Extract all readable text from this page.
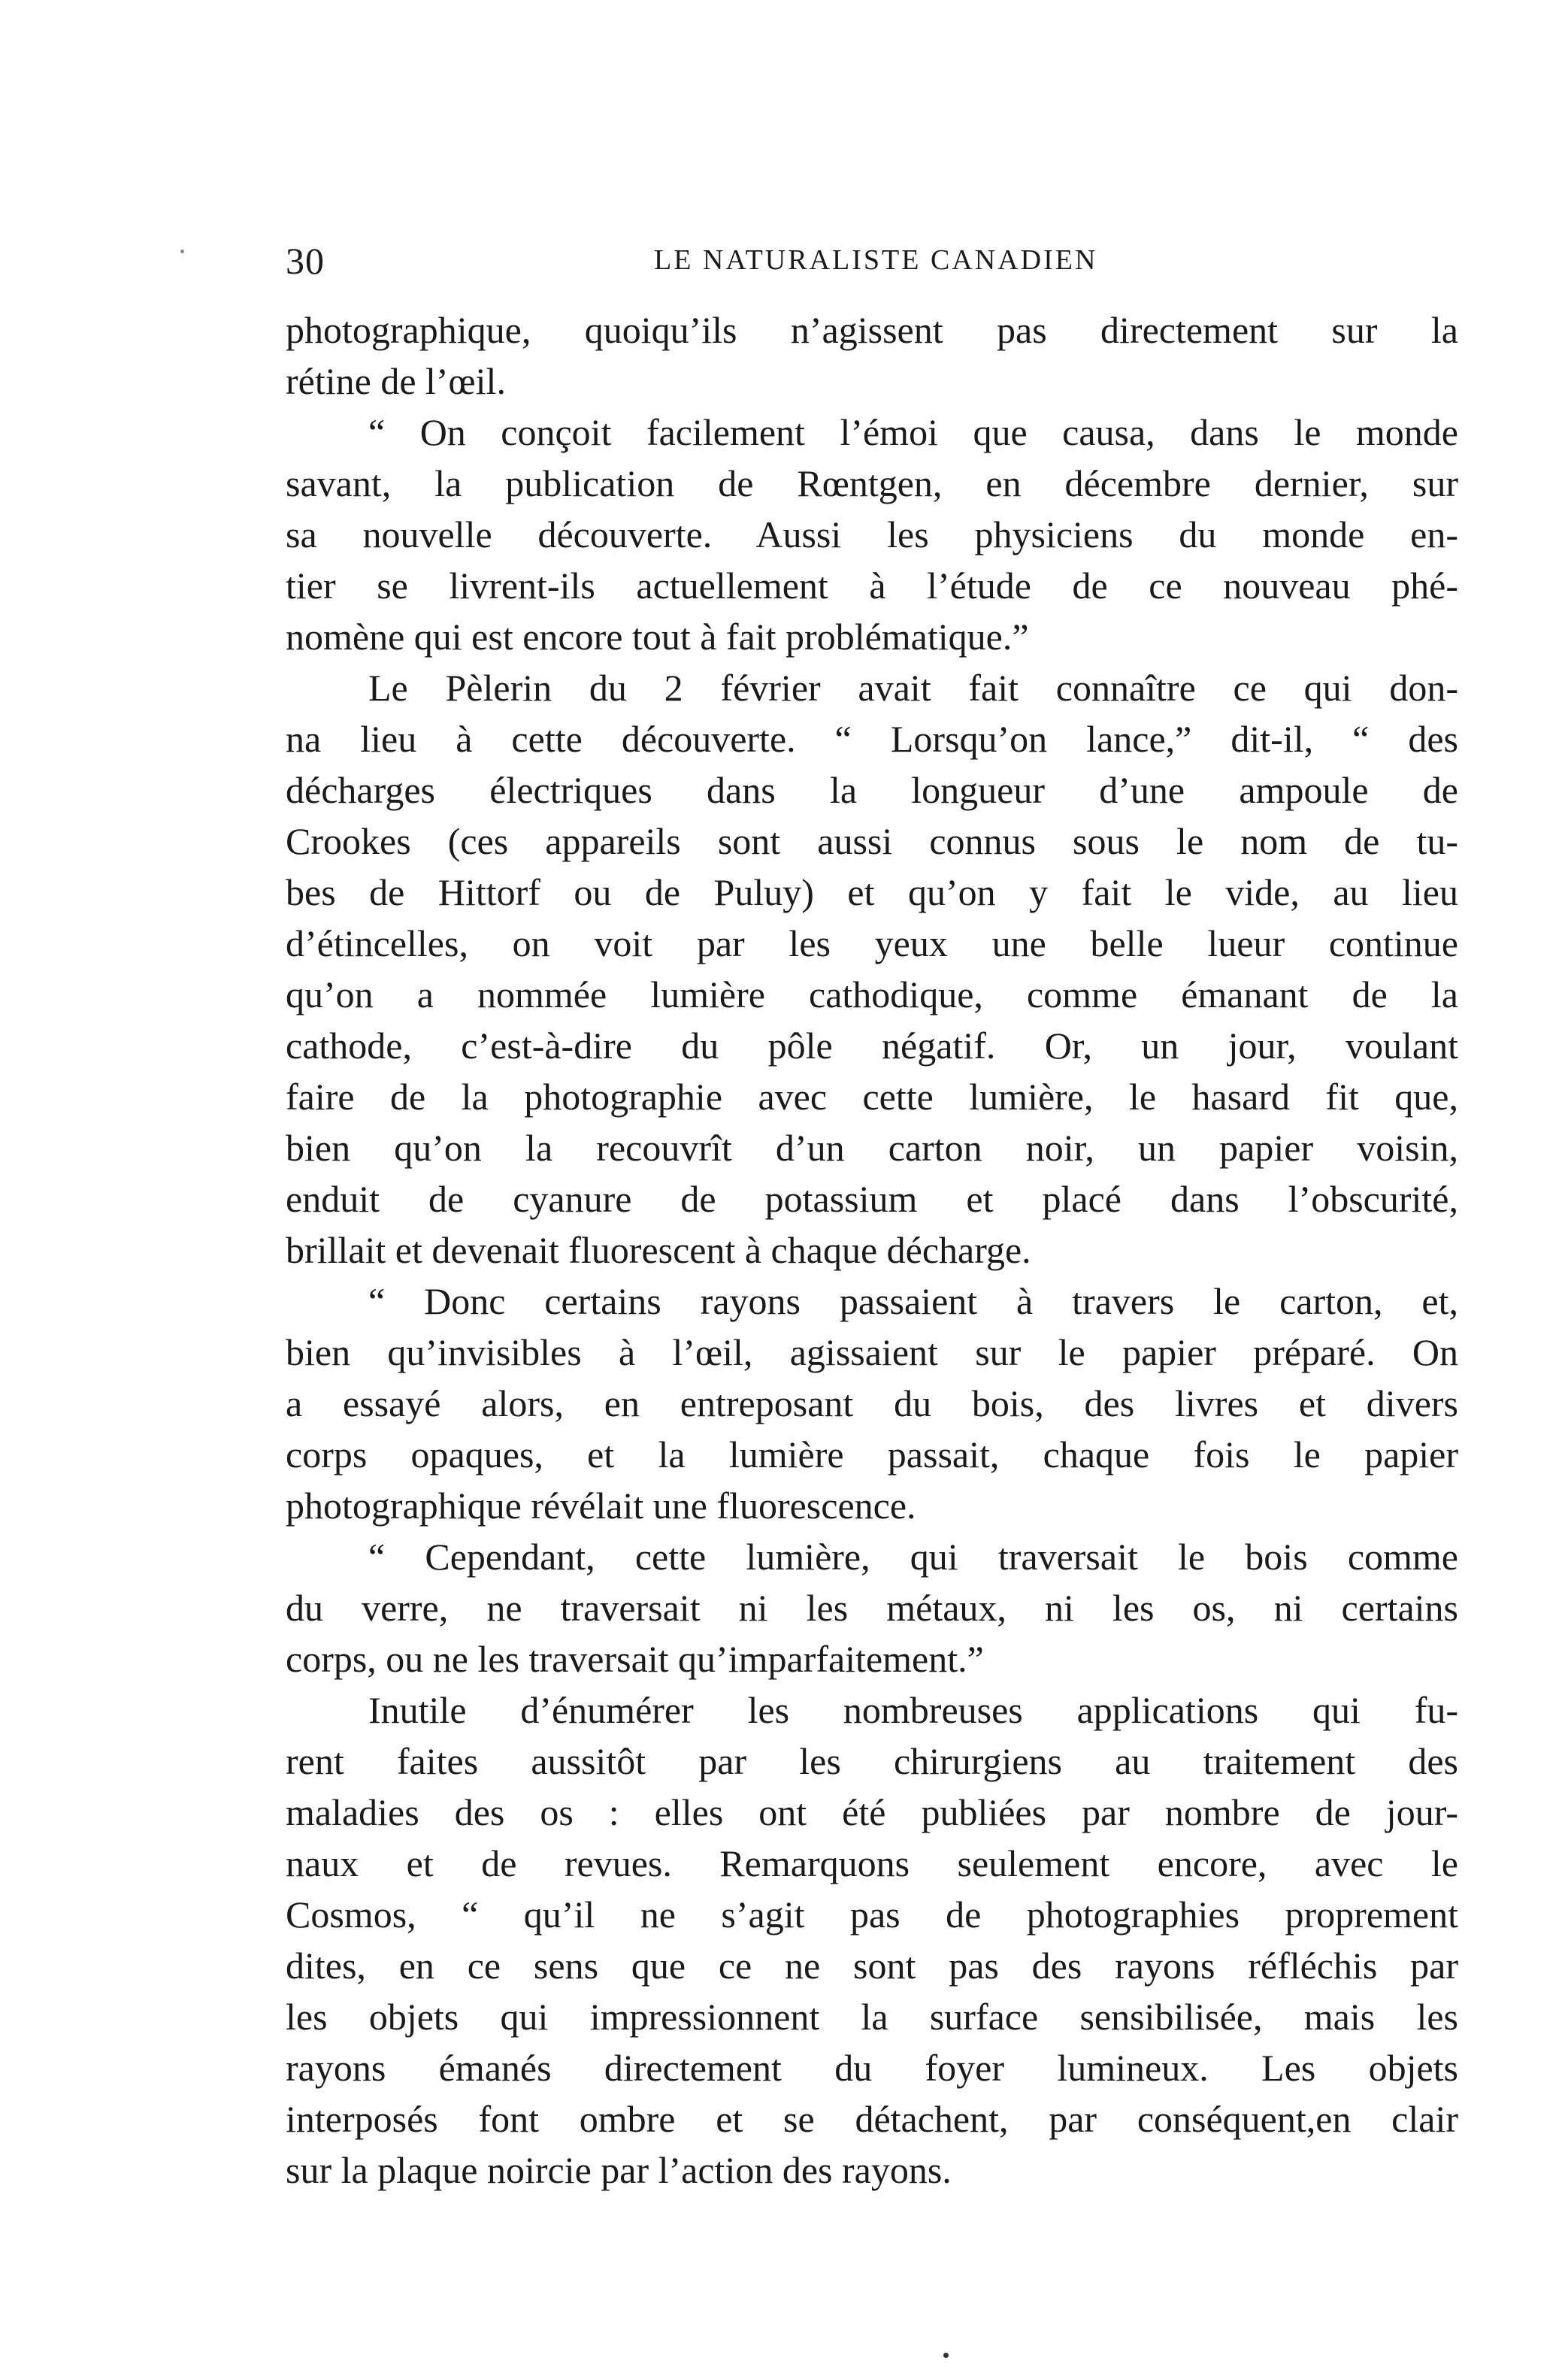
30	LE NATURALISTE CANADIEN
photographique, quoiqu’ils n’agissent pas directement sur la
rétine de l’œil.
“ On conçoit facilement l’émoi que causa, dans le monde
savant, la publication de Rœntgen, en décembre dernier, sur
sa nouvelle découverte. Aussi les physiciens du monde en-
tier se livrent-ils actuellement à l’étude de ce nouveau phé-
nomène qui est encore tout à fait problématique.”
Le Pèlerin du 2 février avait fait connaître ce qui don-
na lieu à cette découverte. “ Lorsqu’on lance,” dit-il, “ des
décharges électriques dans la longueur d’une ampoule de
Crookes (ces appareils sont aussi connus sous le nom de tu-
bes de Hittorf ou de Puluy) et qu’on y fait le vide, au lieu
d’étincelles, on voit par les yeux une belle lueur continue
qu’on a nommée lumière cathodique, comme émanant de la
cathode, c’est-à-dire du pôle négatif. Or, un jour, voulant
faire de la photographie avec cette lumière, le hasard fit que,
bien qu’on la recouvrît d’un carton noir, un papier voisin,
enduit de cyanure de potassium et placé dans l’obscurité,
brillait et devenait fluorescent à chaque décharge.
“ Donc certains rayons passaient à travers le carton, et,
bien qu’invisibles à l’œil, agissaient sur le papier préparé. On
a essayé alors, en entreposant du bois, des livres et divers
corps opaques, et la lumière passait, chaque fois le papier
photographique révélait une fluorescence.
“ Cependant, cette lumière, qui traversait le bois comme
du verre, ne traversait ni les métaux, ni les os, ni certains
corps, ou ne les traversait qu’imparfaitement.”
Inutile d’énumérer les nombreuses applications qui fu-
rent faites aussitôt par les chirurgiens au traitement des
maladies des os : elles ont été publiées par nombre de jour-
naux et de revues. Remarquons seulement encore, avec le
Cosmos, “ qu’il ne s’agit pas de photographies proprement
dites, en ce sens que ce ne sont pas des rayons réfléchis par
les objets qui impressionnent la surface sensibilisée, mais les
rayons émanés directement du foyer lumineux. Les objets
interposés font ombre et se détachent, par conséquent,en clair
sur la plaque noircie par l’action des rayons.
